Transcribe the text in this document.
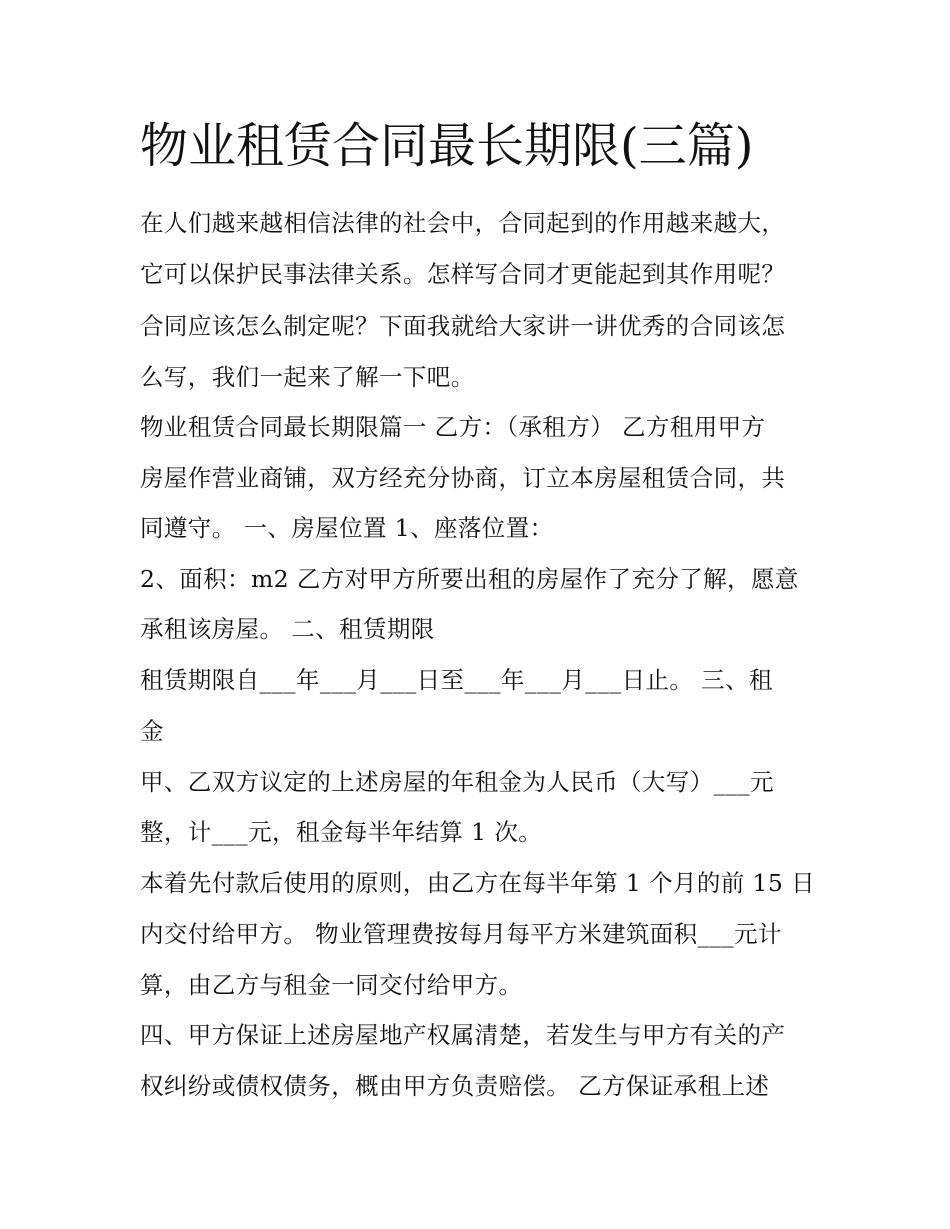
物业租赁合同最长期限(三篇)

在人们越来越相信法律的社会中，合同起到的作用越来越大，

它可以保护民事法律关系。怎样写合同才更能起到其作用呢？

合同应该怎么制定呢？下面我就给大家讲一讲优秀的合同该怎

么写，我们一起来了解一下吧。

物业租赁合同最长期限篇一 乙方：（承租方） 乙方租用甲方

房屋作营业商铺，双方经充分协商，订立本房屋租赁合同，共

同遵守。 一、房屋位置 1、座落位置：

2、面积：m2 乙方对甲方所要出租的房屋作了充分了解，愿意

承租该房屋。 二、租赁期限

租赁期限自___年___月___日至___年___月___日止。 三、租

金

甲、乙双方议定的上述房屋的年租金为人民币（大写）___元

整，计___元，租金每半年结算 1 次。

本着先付款后使用的原则，由乙方在每半年第 1 个月的前 15 日

内交付给甲方。 物业管理费按每月每平方米建筑面积___元计

算，由乙方与租金一同交付给甲方。

四、甲方保证上述房屋地产权属清楚，若发生与甲方有关的产

权纠纷或债权债务，概由甲方负责赔偿。 乙方保证承租上述
